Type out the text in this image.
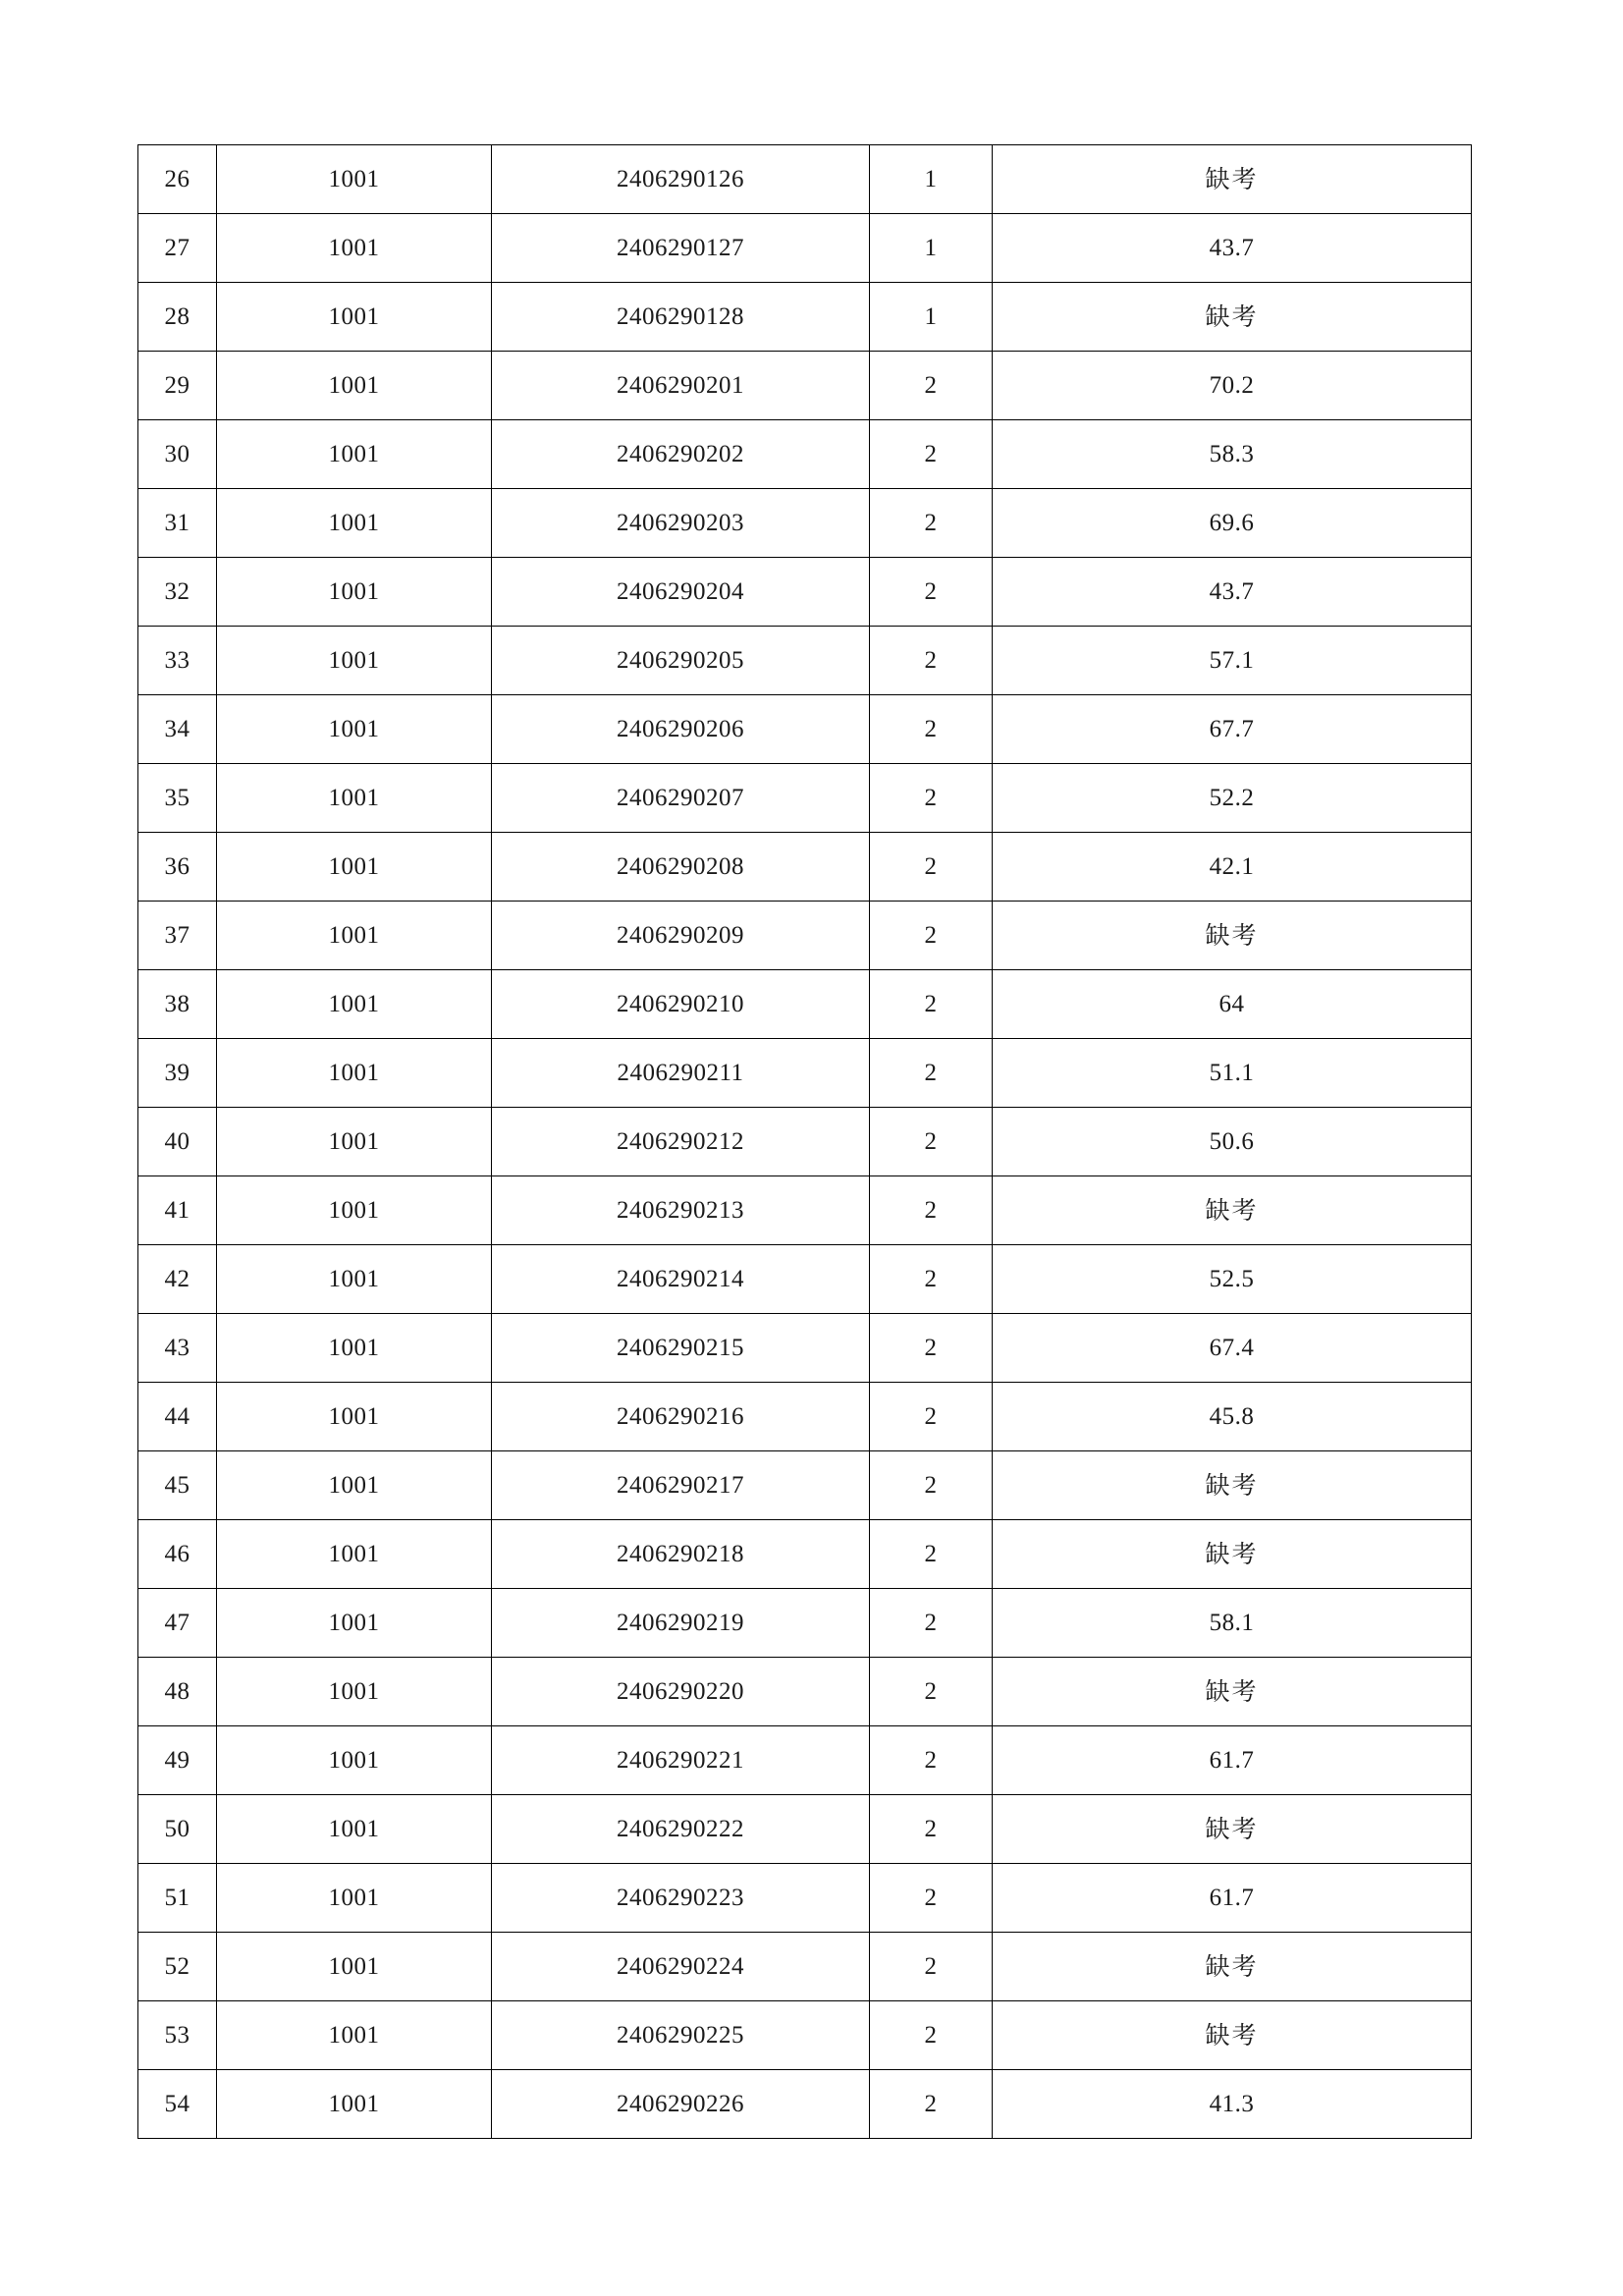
26	1001	2406290126	1	缺考
27	1001	2406290127	1	43.7
28	1001	2406290128	1	缺考
29	1001	2406290201	2	70.2
30	1001	2406290202	2	58.3
31	1001	2406290203	2	69.6
32	1001	2406290204	2	43.7
33	1001	2406290205	2	57.1
34	1001	2406290206	2	67.7
35	1001	2406290207	2	52.2
36	1001	2406290208	2	42.1
37	1001	2406290209	2	缺考
38	1001	2406290210	2	64
39	1001	2406290211	2	51.1
40	1001	2406290212	2	50.6
41	1001	2406290213	2	缺考
42	1001	2406290214	2	52.5
43	1001	2406290215	2	67.4
44	1001	2406290216	2	45.8
45	1001	2406290217	2	缺考
46	1001	2406290218	2	缺考
47	1001	2406290219	2	58.1
48	1001	2406290220	2	缺考
49	1001	2406290221	2	61.7
50	1001	2406290222	2	缺考
51	1001	2406290223	2	61.7
52	1001	2406290224	2	缺考
53	1001	2406290225	2	缺考
54	1001	2406290226	2	41.3
